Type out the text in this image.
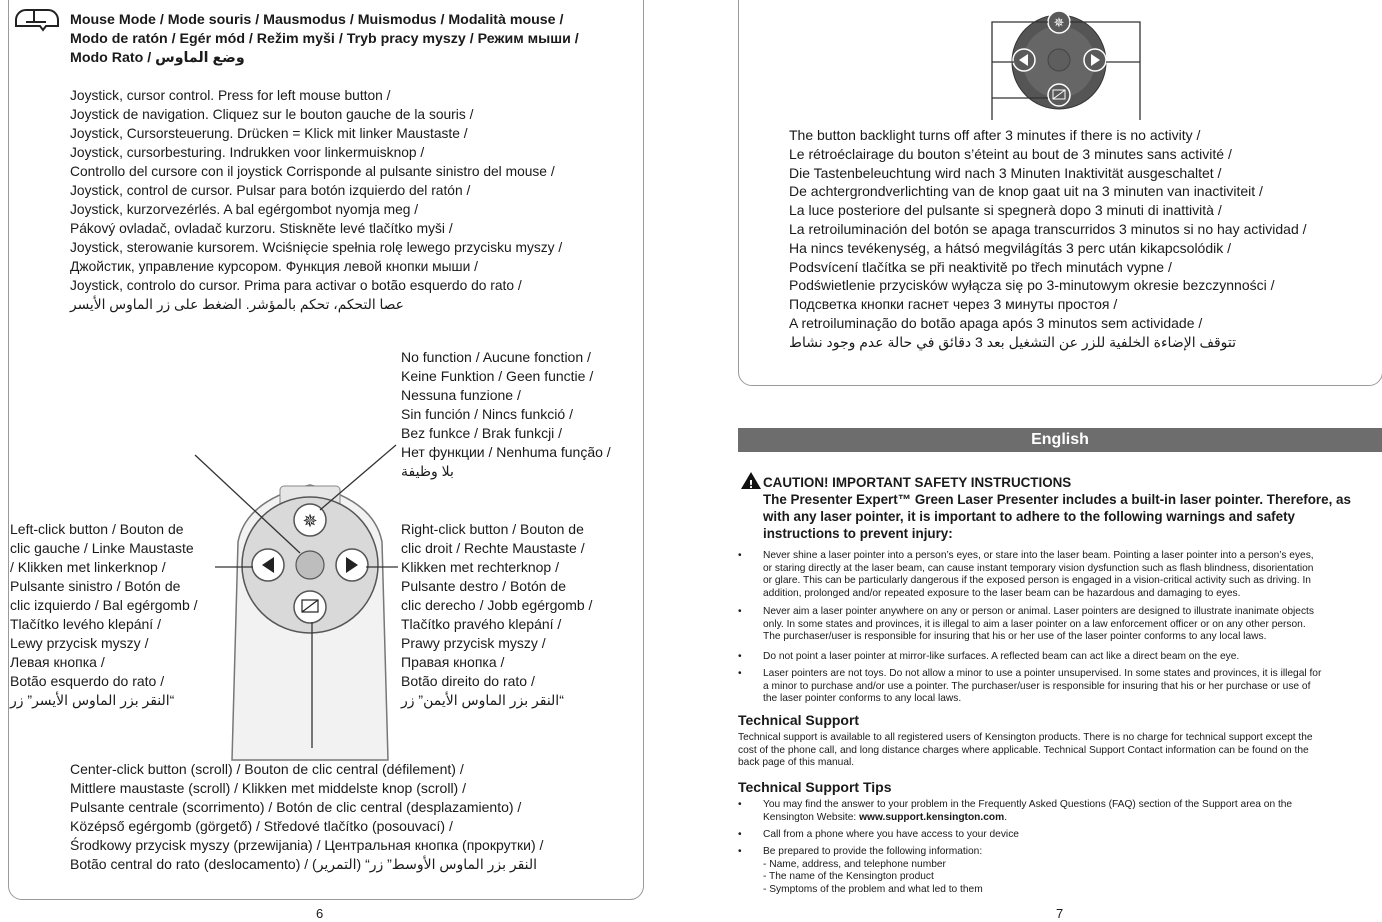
✵
✵
!
Mouse Mode / Mode souris / Mausmodus / Muismodus / Modalità mouse /
Modo de ratón / Egér mód / Režim myši / Tryb pracy myszy / Режим мыши /
Modo Rato / وضع الماوس
Joystick, cursor control. Press for left mouse button /
Joystick de navigation. Cliquez sur le bouton gauche de la souris /
Joystick, Cursorsteuerung. Drücken = Klick mit linker Maustaste /
Joystick, cursorbesturing. Indrukken voor linkermuisknop /
Controllo del cursore con il joystick Corrisponde al pulsante sinistro del mouse /
Joystick, control de cursor. Pulsar para botón izquierdo del ratón /
Joystick, kurzorvezérlés. A bal egérgombot nyomja meg /
Pákový ovladač, ovladač kurzoru. Stiskněte levé tlačítko myši /
Joystick, sterowanie kursorem. Wciśnięcie spełnia rolę lewego przycisku myszy /
Джойстик, управление курсором. Функция левой кнопки мыши /
Joystick, controlo do cursor. Prima para activar o botão esquerdo do rato /
عصا التحكم، تحكم بالمؤشر. الضغط على زر الماوس الأيسر
No function / Aucune fonction /
Keine Funktion / Geen functie /
Nessuna funzione /
Sin función / Nincs funkció /
Bez funkce / Brak funkcji /
Нет функции / Nenhuma função /
بلا وظيفة
Left-click button / Bouton de
clic gauche / Linke Maustaste
/ Klikken met linkerknop /
Pulsante sinistro / Botón de
clic izquierdo / Bal egérgomb /
Tlačítko levého klepání /
Lewy przycisk myszy /
Левая кнопка /
Botão esquerdo do rato /
“النقر بزر الماوس الأيسر” زر
Right-click button / Bouton de
clic droit / Rechte Maustaste /
Klikken met rechterknop /
Pulsante destro / Botón de
clic derecho / Jobb egérgomb /
Tlačítko pravého klepání /
Prawy przycisk myszy /
Правая кнопка /
Botão direito do rato /
“النقر بزر الماوس الأيمن” زر
Center-click button (scroll) / Bouton de clic central (défilement) /
Mittlere maustaste (scroll) / Klikken met middelste knop (scroll) /
Pulsante centrale (scorrimento) / Botón de clic central (desplazamiento) /
Középső egérgomb (görgető) / Středové tlačítko (posouvací) /
Środkowy przycisk myszy (przewijania) / Центральная кнопка (прокрутки) /
Botão central do rato (deslocamento) / (التمرير) “النقر بزر الماوس الأوسط” زر
6
The button backlight turns off after 3 minutes if there is no activity /
Le rétroéclairage du bouton s’éteint au bout de 3 minutes sans activité /
Die Tastenbeleuchtung wird nach 3 Minuten Inaktivität ausgeschaltet /
De achtergrondverlichting van de knop gaat uit na 3 minuten van inactiviteit /
La luce posteriore del pulsante si spegnerà dopo 3 minuti di inattività /
La retroiluminación del botón se apaga transcurridos 3 minutos si no hay actividad /
Ha nincs tevékenység, a hátsó megvilágítás 3 perc után kikapcsolódik /
Podsvícení tlačítka se při neaktivitě po třech minutách vypne /
Podświetlenie przycisków wyłącza się po 3-minutowym okresie bezczynności /
Подсветка кнопки гаснет через 3 минуты простоя /
A retroiluminação do botão apaga após 3 minutos sem actividade /
تتوقف الإضاءة الخلفية للزر عن التشغيل بعد 3 دقائق في حالة عدم وجود نشاط
English
CAUTION! IMPORTANT SAFETY INSTRUCTIONS
The Presenter Expert™ Green Laser Presenter includes a built-in laser pointer. Therefore, as
with any laser pointer, it is important to adhere to the following warnings and safety
instructions to prevent injury:
• Never shine a laser pointer into a person’s eyes, or stare into the laser beam. Pointing a laser pointer into a person’s eyes,
or staring directly at the laser beam, can cause instant temporary vision dysfunction such as flash blindness, disorientation
or glare. This can be particularly dangerous if the exposed person is engaged in a vision-critical activity such as driving. In
addition, prolonged and/or repeated exposure to the laser beam can be hazardous and damaging to eyes.
• Never aim a laser pointer anywhere on any or person or animal. Laser pointers are designed to illustrate inanimate objects
only. In some states and provinces, it is illegal to aim a laser pointer on a law enforcement officer or on any other person.
The purchaser/user is responsible for insuring that his or her use of the laser pointer conforms to any local laws.
• Do not point a laser pointer at mirror-like surfaces. A reflected beam can act like a direct beam on the eye.
• Laser pointers are not toys. Do not allow a minor to use a pointer unsupervised. In some states and provinces, it is illegal for
a minor to purchase and/or use a pointer. The purchaser/user is responsible for insuring that his or her purchase or use of
the laser pointer conforms to any local laws.
Technical Support
Technical support is available to all registered users of Kensington products. There is no charge for technical support except the
cost of the phone call, and long distance charges where applicable. Technical Support Contact information can be found on the
back page of this manual.
Technical Support Tips
• You may find the answer to your problem in the Frequently Asked Questions (FAQ) section of the Support area on the
Kensington Website: www.support.kensington.com.
• Call from a phone where you have access to your device
• Be prepared to provide the following information:
- Name, address, and telephone number
- The name of the Kensington product
- Symptoms of the problem and what led to them
7
